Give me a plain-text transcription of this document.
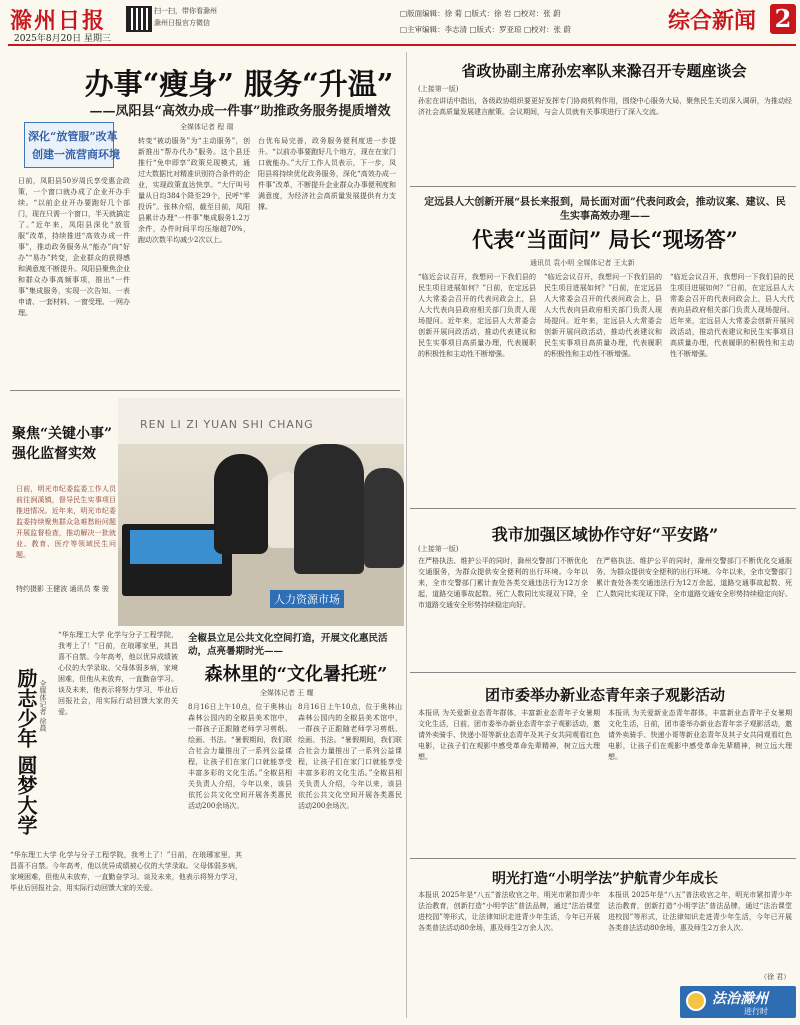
滁州日报
2025年8月20日 星期三
扫一扫，带你看滁州
滁州日报官方微信
□版面编辑：徐 菊 □版式：徐 岩 □校对：张 蔚
□主审编辑：李志清 □版式：罗亚琼 □校对：张 蔚	综合新闻 2
办事“瘦身” 服务“升温”
——凤阳县“高效办成一件事”助推政务服务提质增效
全媒体记者 程 瑞
深化“放管服”改革
创建一流营商环境
日前，凤阳县50岁周氏享受惠企政策，一个窗口就办成了企业开办手续。“以前企业开办要跑好几个部门，现在只需一个窗口，半天就搞定了。”近年来，凤阳县深化“放管服”改革，持续推进“高效办成一件事”，推动政务服务从“能办”向“好办”“易办”转变，企业群众的获得感和满意度不断提升。凤阳县聚焦企业和群众办事高频事项，推出“一件事”集成服务，实现一次告知、一表申请、一套材料、一窗受理、一网办理。
转变“被动服务”为“主动服务”，创新推出“帮办代办”服务。这个县还推行“免申即享”政策兑现模式，通过大数据比对精准识别符合条件的企业，实现政策直达快享。“大厅叫号量从日均384个降至29个，民呼“零投诉”。张林介绍，截至目前，凤阳县累计办理“一件事”集成服务1.2万余件，办件时间平均压缩超70%，跑动次数平均减少2次以上。
台优布局完善，政务服务便利度进一步提升。“以前办事要跑好几个地方，现在在家门口就能办。”大厅工作人员表示，下一步，凤阳县将持续优化政务服务，深化“高效办成一件事”改革，不断提升企业群众办事便利度和满意度，为经济社会高质量发展提供有力支撑。
聚焦“关键小事” 强化监督实效
日前，明光市纪委监委工作人员前往涧溪镇，督导民生实事项目推进情况。近年来，明光市纪委监委持续聚焦群众急难愁盼问题开展监督检查，推动解决一批就业、教育、医疗等领域民生问题。
特约摄影 王健波 通讯员 秦 骏
REN LI ZI YUAN SHI CHANG
人力资源市场
励志少年 圆梦大学 全媒体记者 徐晨
“华东理工大学 化学与分子工程学院，我考上了！”日前，在琅琊家里，其昌喜不自禁。今年高考，他以优异成绩被心仪的大学录取。父母体弱多病，家境困难，但他从未放弃，一直勤奋学习。谈及未来，他表示将努力学习，毕业后回报社会，用实际行动回馈大家的关爱。
“华东理工大学 化学与分子工程学院，我考上了！”日前，在琅琊家里，其昌喜不自禁。今年高考，他以优异成绩被心仪的大学录取。父母体弱多病，家境困难，但他从未放弃，一直勤奋学习。谈及未来，他表示将努力学习，毕业后回报社会，用实际行动回馈大家的关爱。
全椒县立足公共文化空间打造，开展文化惠民活动，点亮暑期时光——
森林里的“文化暑托班”
全媒体记者 王 耀
8月16日上午10点，位于奥林山森林公园内的全椒县美术馆中，一群孩子正跟随老师学习剪纸、绘画、书法。“暑假期间，我们联合社会力量推出了一系列公益课程，让孩子们在家门口就能享受丰富多彩的文化生活。”全椒县相关负责人介绍，今年以来，该县依托公共文化空间开展各类惠民活动200余场次。
8月16日上午10点，位于奥林山森林公园内的全椒县美术馆中，一群孩子正跟随老师学习剪纸、绘画、书法。“暑假期间，我们联合社会力量推出了一系列公益课程，让孩子们在家门口就能享受丰富多彩的文化生活。”全椒县相关负责人介绍，今年以来，该县依托公共文化空间开展各类惠民活动200余场次。
省政协副主席孙宏率队来滁召开专题座谈会
(上接第一版)
孙宏在讲话中指出，各级政协组织要更好发挥专门协商机构作用，围绕中心服务大局，聚焦民生关切深入调研，为推动经济社会高质量发展建言献策。会议期间，与会人员就有关事项进行了深入交流。
定远县人大创新开展“县长来报到，局长面对面”代表问政会，推动议案、建议、民生实事高效办理——
代表“当面问” 局长“现场答”
通讯员 袁小明 全媒体记者 王太新
“临近会议召开，我想问一下我们县的民生项目进展如何？”日前，在定远县人大常委会召开的代表问政会上，县人大代表向县政府相关部门负责人现场提问。近年来，定远县人大常委会创新开展问政活动，推动代表建议和民生实事项目高质量办理，代表履职的积极性和主动性不断增强。
“临近会议召开，我想问一下我们县的民生项目进展如何？”日前，在定远县人大常委会召开的代表问政会上，县人大代表向县政府相关部门负责人现场提问。近年来，定远县人大常委会创新开展问政活动，推动代表建议和民生实事项目高质量办理，代表履职的积极性和主动性不断增强。
“临近会议召开，我想问一下我们县的民生项目进展如何？”日前，在定远县人大常委会召开的代表问政会上，县人大代表向县政府相关部门负责人现场提问。近年来，定远县人大常委会创新开展问政活动，推动代表建议和民生实事项目高质量办理，代表履职的积极性和主动性不断增强。
我市加强区域协作守好“平安路”
(上接第一版)
在严格执法、维护公平的同时，滁州交警部门不断优化交通服务，为群众提供安全便利的出行环境。今年以来，全市交警部门累计查处各类交通违法行为12万余起，道路交通事故起数、死亡人数同比实现双下降，全市道路交通安全形势持续稳定向好。
在严格执法、维护公平的同时，滁州交警部门不断优化交通服务，为群众提供安全便利的出行环境。今年以来，全市交警部门累计查处各类交通违法行为12万余起，道路交通事故起数、死亡人数同比实现双下降，全市道路交通安全形势持续稳定向好。
团市委举办新业态青年亲子观影活动
本报讯 为关爱新业态青年群体，丰富新业态青年子女暑期文化生活，日前，团市委举办新业态青年亲子观影活动，邀请外卖骑手、快递小哥等新业态青年及其子女共同观看红色电影，让孩子们在观影中感受革命先辈精神，树立远大理想。
本报讯 为关爱新业态青年群体，丰富新业态青年子女暑期文化生活，日前，团市委举办新业态青年亲子观影活动，邀请外卖骑手、快递小哥等新业态青年及其子女共同观看红色电影，让孩子们在观影中感受革命先辈精神，树立远大理想。
明光打造“小明学法”护航青少年成长
本报讯 2025年是“八五”普法收官之年，明光市紧扣青少年法治教育，创新打造“小明学法”普法品牌，通过“法治课堂进校园”等形式，让法律知识走进青少年生活，今年已开展各类普法活动80余场，惠及师生2万余人次。
本报讯 2025年是“八五”普法收官之年，明光市紧扣青少年法治教育，创新打造“小明学法”普法品牌，通过“法治课堂进校园”等形式，让法律知识走进青少年生活，今年已开展各类普法活动80余场，惠及师生2万余人次。
（徐 君）
法治滁州
进行时
